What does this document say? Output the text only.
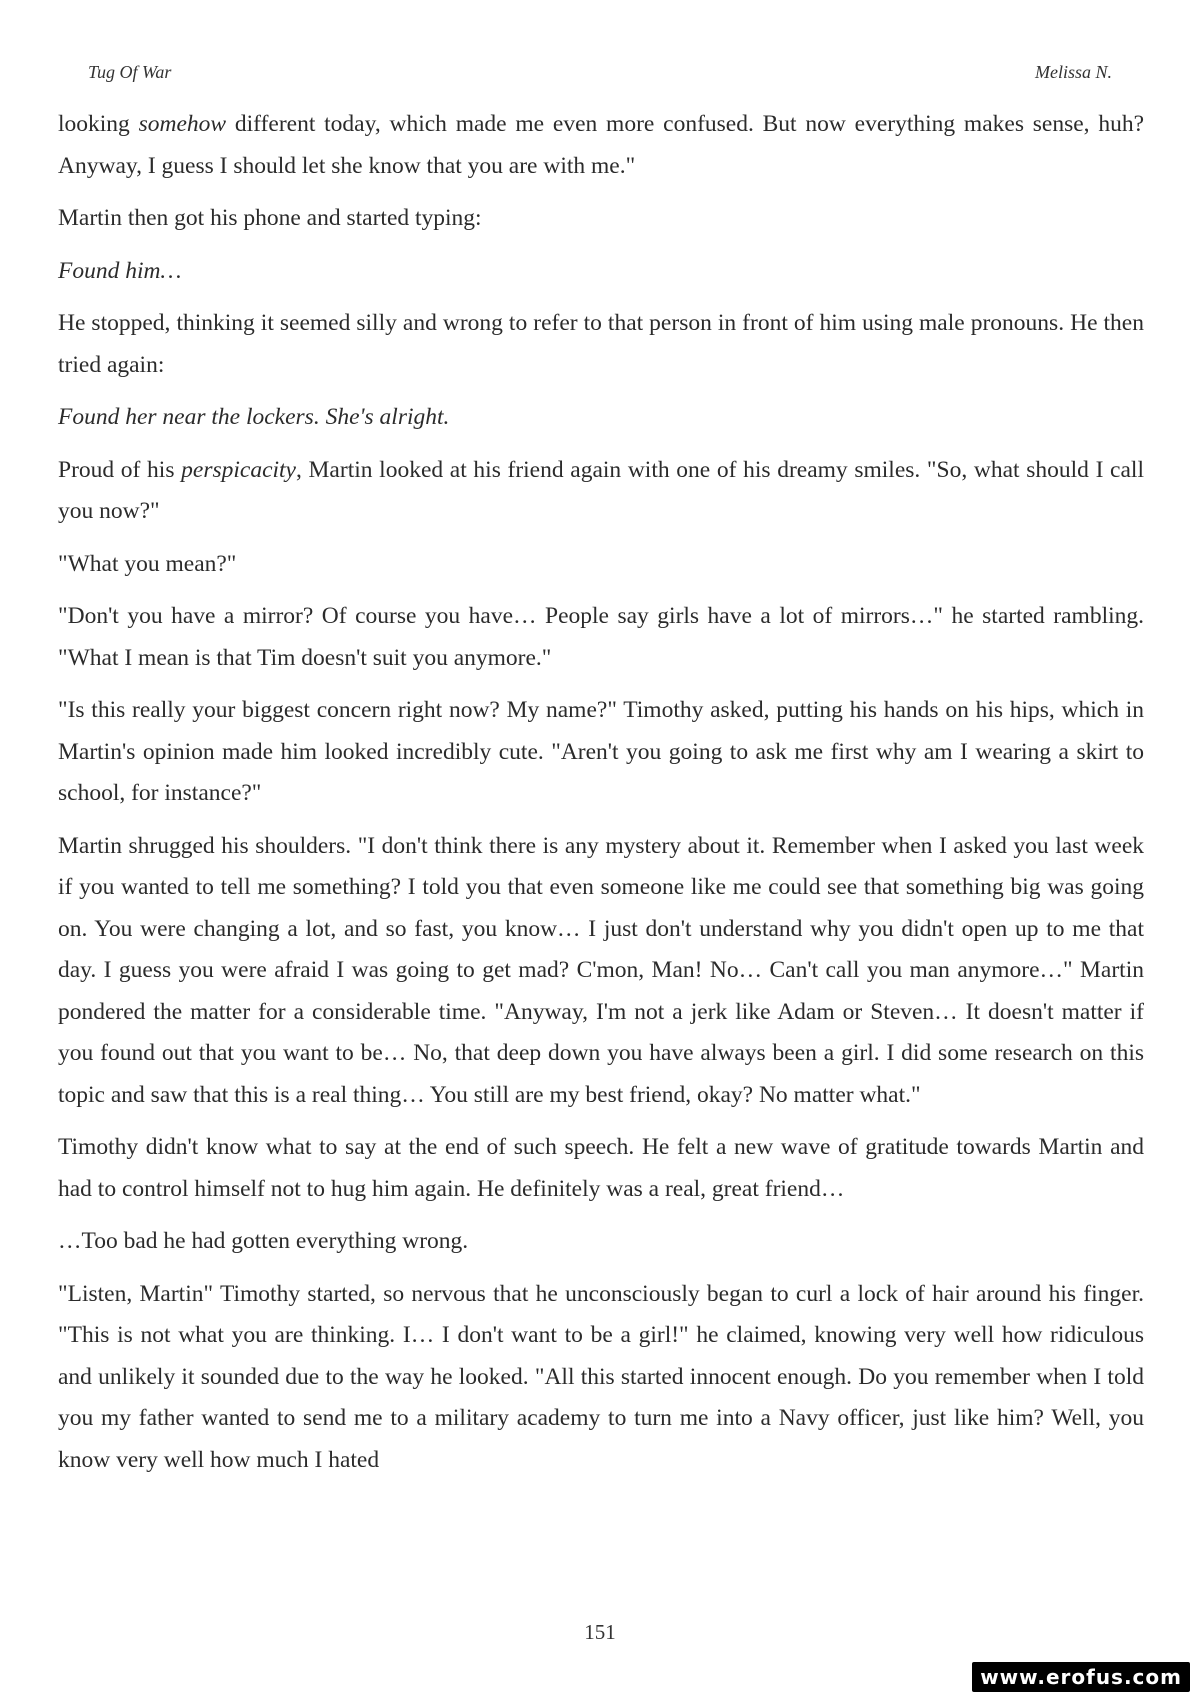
Tug Of War	Melissa N.

looking somehow different today, which made me even more confused. But now everything makes sense, huh? Anyway, I guess I should let she know that you are with me."

Martin then got his phone and started typing:

Found him…

He stopped, thinking it seemed silly and wrong to refer to that person in front of him using male pronouns. He then tried again:

Found her near the lockers. She's alright.

Proud of his perspicacity, Martin looked at his friend again with one of his dreamy smiles. "So, what should I call you now?"

"What you mean?"

"Don't you have a mirror? Of course you have… People say girls have a lot of mirrors…" he started rambling. "What I mean is that Tim doesn't suit you anymore."

"Is this really your biggest concern right now? My name?" Timothy asked, putting his hands on his hips, which in Martin's opinion made him looked incredibly cute. "Aren't you going to ask me first why am I wearing a skirt to school, for instance?"

Martin shrugged his shoulders. "I don't think there is any mystery about it. Remember when I asked you last week if you wanted to tell me something? I told you that even someone like me could see that something big was going on. You were changing a lot, and so fast, you know… I just don't understand why you didn't open up to me that day. I guess you were afraid I was going to get mad? C'mon, Man! No… Can't call you man anymore…" Martin pondered the matter for a considerable time. "Anyway, I'm not a jerk like Adam or Steven… It doesn't matter if you found out that you want to be… No, that deep down you have always been a girl. I did some research on this topic and saw that this is a real thing… You still are my best friend, okay? No matter what."

Timothy didn't know what to say at the end of such speech. He felt a new wave of gratitude towards Martin and had to control himself not to hug him again. He definitely was a real, great friend…

…Too bad he had gotten everything wrong.

"Listen, Martin" Timothy started, so nervous that he unconsciously began to curl a lock of hair around his finger. "This is not what you are thinking. I… I don't want to be a girl!" he claimed, knowing very well how ridiculous and unlikely it sounded due to the way he looked. "All this started innocent enough. Do you remember when I told you my father wanted to send me to a military academy to turn me into a Navy officer, just like him? Well, you know very well how much I hated

151
www.erofus.com
